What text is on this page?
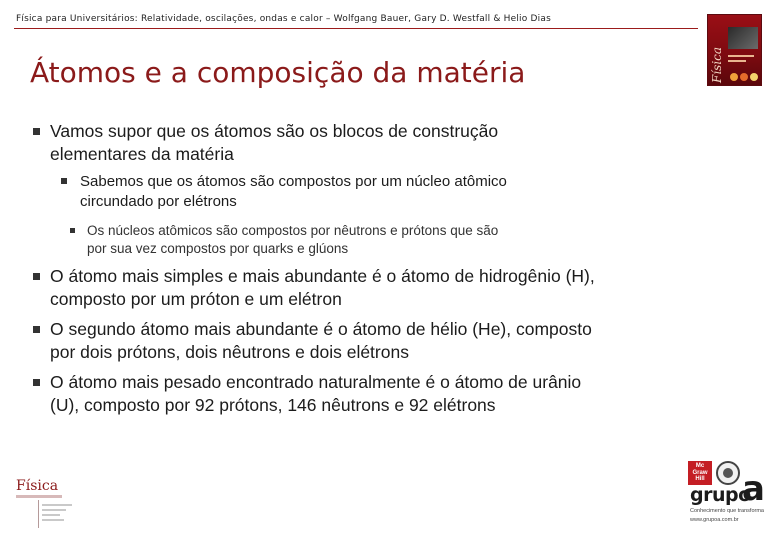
Física para Universitários: Relatividade, oscilações, ondas e calor – Wolfgang Bauer, Gary D. Westfall & Helio Dias
Física
Átomos e a composição da matéria
Vamos supor que os átomos são os blocos de construção
elementares da matéria
Sabemos que os átomos são compostos por um núcleo atômico
circundado por elétrons
Os núcleos atômicos são compostos por nêutrons e prótons que são
por sua vez compostos por quarks e glúons
O átomo mais simples e mais abundante é o átomo de hidrogênio (H),
composto por um próton e um elétron
O segundo átomo mais abundante é o átomo de hélio (He), composto
por dois prótons, dois nêutrons e dois elétrons
O átomo mais pesado encontrado naturalmente é o átomo de urânio
(U), composto por 92 prótons, 146 nêutrons e 92 elétrons
Física
Mc Graw Hill
grupo
a
Conhecimento que transforma
www.grupoa.com.br
